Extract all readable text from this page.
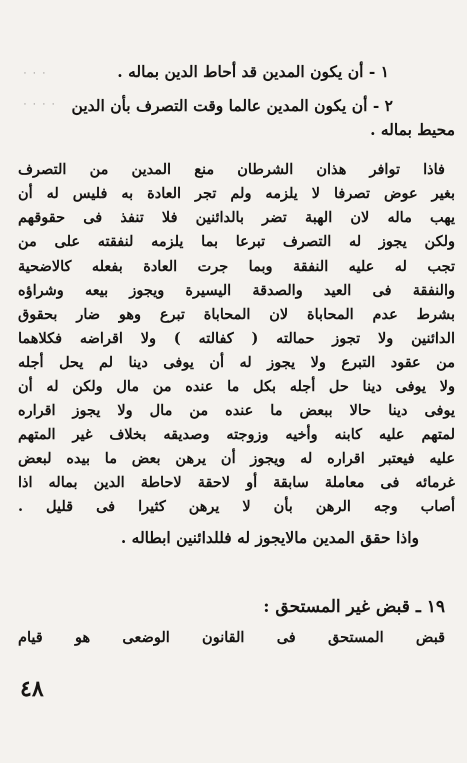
٠ ٠ ٠
٠ ٠ ٠ ٠
١ - أن يكون المدين قد أحاط الدين بماله .
٢ - أن يكون المدين عالما وقت التصرف بأن الدين
محيط بماله .
فاذا توافر هذان الشرطان منع المدين من التصرف
بغير عوض تصرفا لا يلزمه ولم تجر العادة به فليس له أن
يهب ماله لان الهبة تضر بالدائنين فلا تنفذ فى حقوقهم
ولكن يجوز له التصرف تبرعا بما يلزمه لنفقته على من
تجب له عليه النفقة وبما جرت العادة بفعله كالاضحية
والنفقة فى العيد والصدقة اليسيرة ويجوز بيعه وشراؤه
بشرط عدم المحاباة لان المحاباة تبرع وهو ضار بحقوق
الدائنين ولا تجوز حمالته ( كفالته ) ولا اقراضه فكلاهما
من عقود التبرع ولا يجوز له أن يوفى دينا لم يحل أجله
ولا يوفى دينا حل أجله بكل ما عنده من مال ولكن له أن
يوفى دينا حالا ببعض ما عنده من مال ولا يجوز اقراره
لمتهم عليه كابنه وأخيه وزوجته وصديقه بخلاف غير المتهم
عليه فيعتبر اقراره له ويجوز أن يرهن بعض ما بيده لبعض
غرمائه فى معاملة سابقة أو لاحقة لاحاطة الدين بماله اذا
أصاب وجه الرهن بأن لا يرهن كثيرا فى قليل .
واذا حقق المدين مالايجوز له فللدائنين ابطاله .
١٩ ـ قبض غير المستحق :
قبض المستحق فى القانون الوضعى هو قيام
٤٨
